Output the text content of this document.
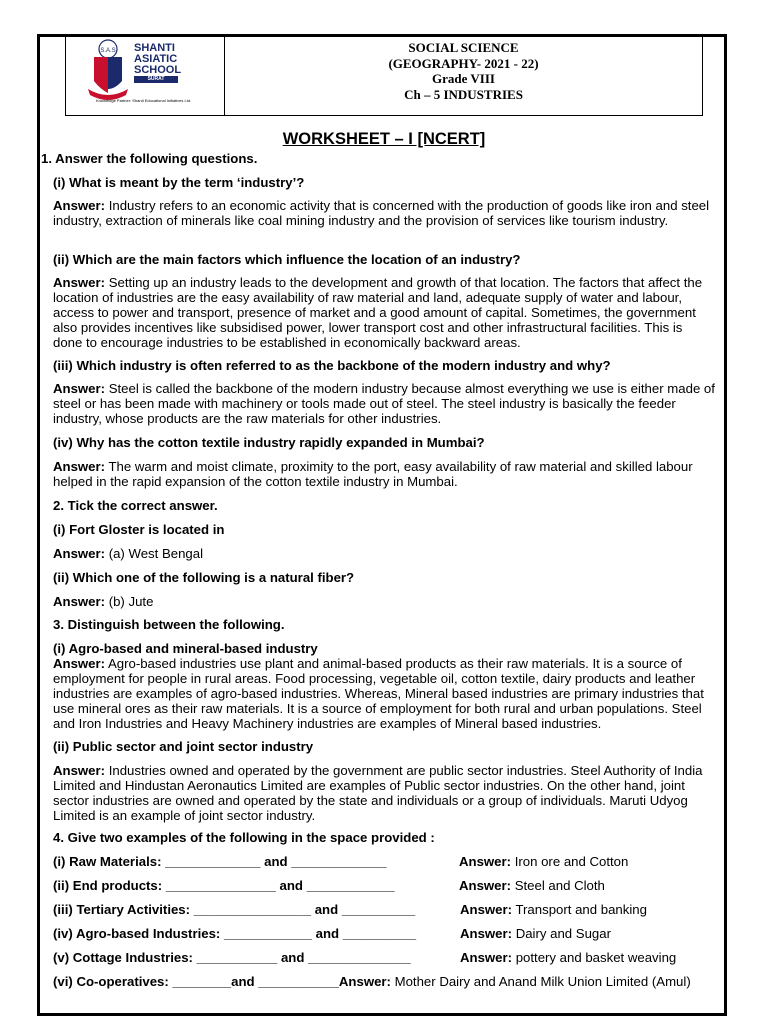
S.A.S SHANTI
ASIATIC
SCHOOL
SURAT
Knowledge Partner: Shanti Educational Initiatives Ltd.
SOCIAL SCIENCE
(GEOGRAPHY- 2021 - 22)
Grade VIII
Ch – 5 INDUSTRIES
WORKSHEET – I [NCERT]
1. Answer the following questions.
(i) What is meant by the term ‘industry’?
Answer: Industry refers to an economic activity that is concerned with the production of goods like iron and steel industry, extraction of minerals like coal mining industry and the provision of services like tourism industry.
(ii) Which are the main factors which influence the location of an industry?
Answer: Setting up an industry leads to the development and growth of that location. The factors that affect the location of industries are the easy availability of raw material and land, adequate supply of water and labour, access to power and transport, presence of market and a good amount of capital. Sometimes, the government also provides incentives like subsidised power, lower transport cost and other infrastructural facilities. This is done to encourage industries to be established in economically backward areas.
(iii) Which industry is often referred to as the backbone of the modern industry and why?
Answer: Steel is called the backbone of the modern industry because almost everything we use is either made of steel or has been made with machinery or tools made out of steel. The steel industry is basically the feeder industry, whose products are the raw materials for other industries.
(iv) Why has the cotton textile industry rapidly expanded in Mumbai?
Answer: The warm and moist climate, proximity to the port, easy availability of raw material and skilled labour helped in the rapid expansion of the cotton textile industry in Mumbai.
2. Tick the correct answer.
(i) Fort Gloster is located in
Answer: (a) West Bengal
(ii) Which one of the following is a natural fiber?
Answer: (b) Jute
3. Distinguish between the following.
(i) Agro-based and mineral-based industry
Answer: Agro-based industries use plant and animal-based products as their raw materials. It is a source of employment for people in rural areas. Food processing, vegetable oil, cotton textile, dairy products and leather industries are examples of agro-based industries. Whereas, Mineral based industries are primary industries that use mineral ores as their raw materials. It is a source of employment for both rural and urban populations. Steel and Iron Industries and Heavy Machinery industries are examples of Mineral based industries.
(ii) Public sector and joint sector industry
Answer: Industries owned and operated by the government are public sector industries. Steel Authority of India Limited and Hindustan Aeronautics Limited are examples of Public sector industries. On the other hand, joint sector industries are owned and operated by the state and individuals or a group of individuals. Maruti Udyog Limited is an example of joint sector industry.
4. Give two examples of the following in the space provided :
(i) Raw Materials: _____________ and _____________	Answer: Iron ore and Cotton
(ii) End products: _______________ and ____________	Answer: Steel and Cloth
(iii) Tertiary Activities: ________________ and __________	Answer: Transport and banking
(iv) Agro-based Industries: ____________ and __________	Answer: Dairy and Sugar
(v) Cottage Industries: ___________ and ______________	Answer: pottery and basket weaving
(vi) Co-operatives: ________and ___________Answer: Mother Dairy and Anand Milk Union Limited (Amul)
